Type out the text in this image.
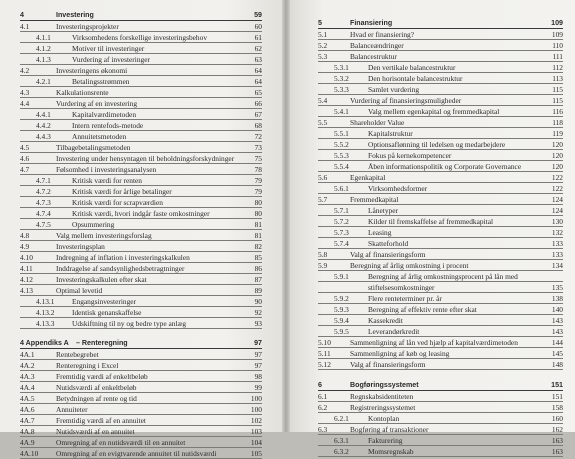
4	Investering	59
4.1	Investeringsprojekter	60
4.1.1	Virksomhedens forskellige investeringsbehov	61
4.1.2	Motiver til investeringer	62
4.1.3	Vurdering af investeringer	63
4.2	Investeringens økonomi	64
4.2.1	Betalingsstrømmen	64
4.3	Kalkulationsrente	65
4.4	Vurdering af en investering	66
4.4.1	Kapitalværdimetoden	67
4.4.2	Intern rentefods-metode	68
4.4.3	Annuitetsmetoden	72
4.5	Tilbagebetalingsmetoden	73
4.6	Investering under hensyntagen til beholdningsforskydninger	75
4.7	Følsomhed i investeringsanalysen	78
4.7.1	Kritisk værdi for renten	79
4.7.2	Kritisk værdi for årlige betalinger	79
4.7.3	Kritisk værdi for scrapværdien	80
4.7.4	Kritisk værdi, hvori indgår faste omkostninger	80
4.7.5	Opsummering	81
4.8	Valg mellem investeringsforslag	81
4.9	Investeringsplan	82
4.10	Indregning af inflation i investeringskalkulen	85
4.11	Inddragelse af sandsynlighedsbetragtninger	86
4.12	Investeringskalkulen efter skat	87
4.13	Optimal levetid	89
4.13.1 Engangsinvesteringer	90
4.13.2 Identisk genanskaffelse	92
4.13.3 Udskiftning til ny og bedre type anlæg	93
4 Appendiks A – Renteregning	97
4A.1	Rentebegrebet	97
4A.2	Renteregning i Excel	97
4A.3	Fremtidig værdi af enkeltbeløb	98
4A.4	Nutidsværdi af enkeltbeløb	99
4A.5	Betydningen af rente og tid	100
4A.6	Annuiteter	100
4A.7	Fremtidig værdi af en annuitet	102
4A.8	Nutidsværdi af en annuitet	103
4A.9	Omregning af en nutidsværdi til en annuitet	104
4A.10 Omregning af en evigtvarende annuitet til nutidsværdi	105
5	Finansiering	109
5.1	Hvad er finansiering?	109
5.2	Balanceændringer	110
5.3	Balancestruktur	111
5.3.1	Den vertikale balancestruktur	112
5.3.2	Den horisontale balancestruktur	113
5.3.3	Samlet vurdering	115
5.4	Vurdering af finansieringsmuligheder	115
5.4.1	Valg mellem egenkapital og fremmedkapital	116
5.5	Shareholder Value	118
5.5.1	Kapitalstruktur	119
5.5.2	Optionsaflønning til ledelsen og medarbejdere	120
5.5.3	Fokus på kernekompetencer	120
5.5.4	Åben informationspolitik og Corporate Governance	120
5.6	Egenkapital	122
5.6.1	Virksomhedsformer	122
5.7	Fremmedkapital	124
5.7.1	Lånetyper	124
5.7.2	Kilder til fremskaffelse af fremmedkapital	130
5.7.3	Leasing	132
5.7.4	Skatteforhold	133
5.8	Valg af finansieringsform	133
5.9	Beregning af årlig omkostning i procent	134
5.9.1	Beregning af årlig omkostningsprocent på lån med
stiftelsesomkostninger	135
5.9.2	Flere renteterminer pr. år	138
5.9.3	Beregning af effektiv rente efter skat	140
5.9.4	Kassekredit	143
5.9.5	Leverandørkredit	143
5.10	Sammenligning af lån ved hjælp af kapitalværdimetoden	144
5.11	Sammenligning af køb og leasing	145
5.12	Valg af finansieringsform	148
6	Bogføringssystemet	151
6.1	Regnskabsidentiteten	151
6.2	Registreringssystemet	158
6.2.1	Kontoplan	160
6.3	Bogføring af transaktioner	162
6.3.1	Fakturering	163
6.3.2	Momsregnskab	163
